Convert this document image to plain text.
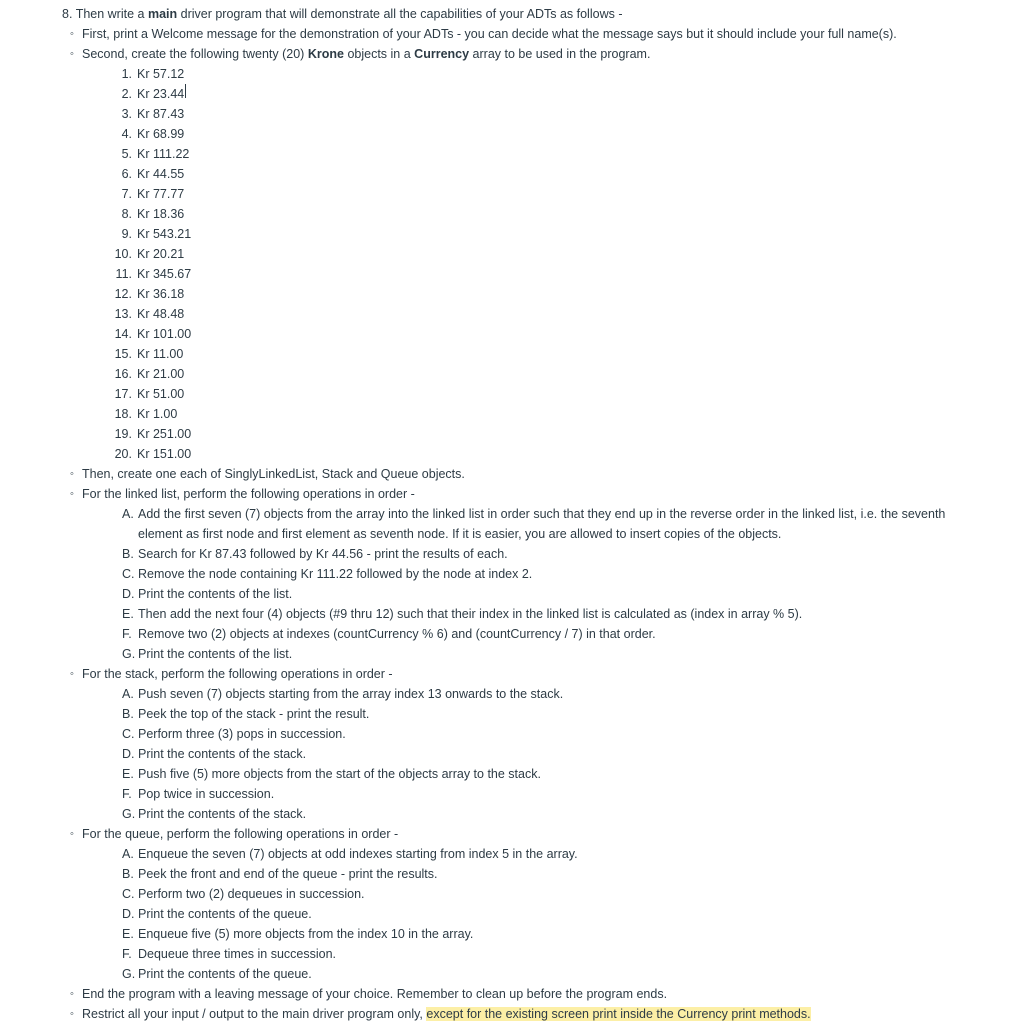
8. Then write a main driver program that will demonstrate all the capabilities of your ADTs as follows -
◦ First, print a Welcome message for the demonstration of your ADTs - you can decide what the message says but it should include your full name(s).
◦ Second, create the following twenty (20) Krone objects in a Currency array to be used in the program.
1. Kr 57.12
2. Kr 23.44
3. Kr 87.43
4. Kr 68.99
5. Kr 111.22
6. Kr 44.55
7. Kr 77.77
8. Kr 18.36
9. Kr 543.21
10. Kr 20.21
11. Kr 345.67
12. Kr 36.18
13. Kr 48.48
14. Kr 101.00
15. Kr 11.00
16. Kr 21.00
17. Kr 51.00
18. Kr 1.00
19. Kr 251.00
20. Kr 151.00
◦ Then, create one each of SinglyLinkedList, Stack and Queue objects.
◦ For the linked list, perform the following operations in order -
A. Add the first seven (7) objects from the array into the linked list in order such that they end up in the reverse order in the linked list, i.e. the seventh element as first node and first element as seventh node. If it is easier, you are allowed to insert copies of the objects.
B. Search for Kr 87.43 followed by Kr 44.56 - print the results of each.
C. Remove the node containing Kr 111.22 followed by the node at index 2.
D. Print the contents of the list.
E. Then add the next four (4) objects (#9 thru 12) such that their index in the linked list is calculated as (index in array % 5).
F. Remove two (2) objects at indexes (countCurrency % 6) and (countCurrency / 7) in that order.
G. Print the contents of the list.
◦ For the stack, perform the following operations in order -
A. Push seven (7) objects starting from the array index 13 onwards to the stack.
B. Peek the top of the stack - print the result.
C. Perform three (3) pops in succession.
D. Print the contents of the stack.
E. Push five (5) more objects from the start of the objects array to the stack.
F. Pop twice in succession.
G. Print the contents of the stack.
◦ For the queue, perform the following operations in order -
A. Enqueue the seven (7) objects at odd indexes starting from index 5 in the array.
B. Peek the front and end of the queue - print the results.
C. Perform two (2) dequeues in succession.
D. Print the contents of the queue.
E. Enqueue five (5) more objects from the index 10 in the array.
F. Dequeue three times in succession.
G. Print the contents of the queue.
◦ End the program with a leaving message of your choice. Remember to clean up before the program ends.
◦ Restrict all your input / output to the main driver program only, except for the existing screen print inside the Currency print methods.
